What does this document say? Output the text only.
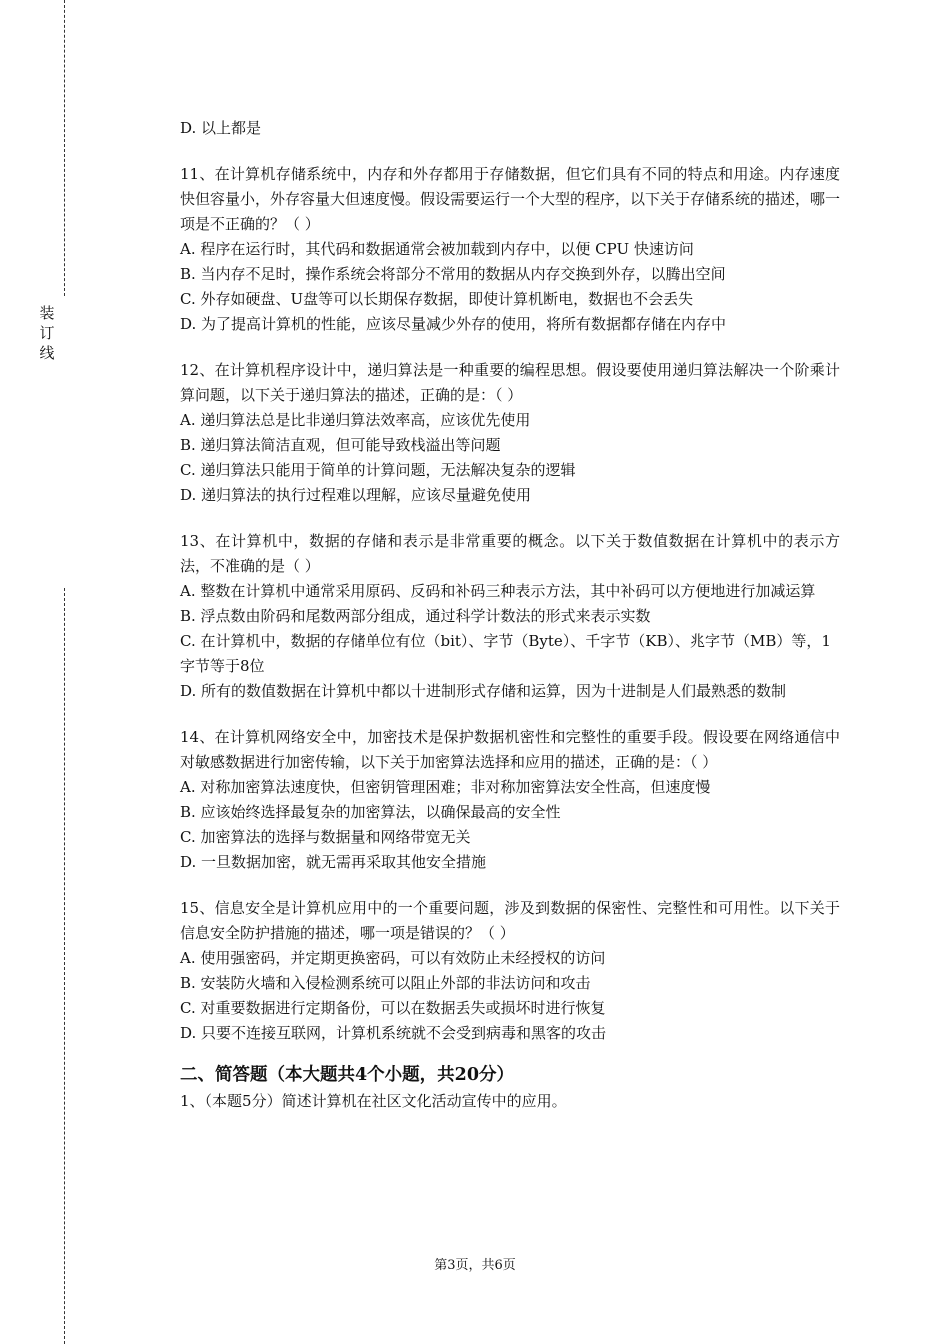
装
订
线
D. 以上都是
11、在计算机存储系统中，内存和外存都用于存储数据，但它们具有不同的特点和用途。内存速度快但容量小，外存容量大但速度慢。假设需要运行一个大型的程序，以下关于存储系统的描述，哪一项是不正确的？（ ）
A. 程序在运行时，其代码和数据通常会被加载到内存中，以便 CPU 快速访问
B. 当内存不足时，操作系统会将部分不常用的数据从内存交换到外存，以腾出空间
C. 外存如硬盘、U盘等可以长期保存数据，即使计算机断电，数据也不会丢失
D. 为了提高计算机的性能，应该尽量减少外存的使用，将所有数据都存储在内存中
12、在计算机程序设计中，递归算法是一种重要的编程思想。假设要使用递归算法解决一个阶乘计算问题，以下关于递归算法的描述，正确的是：（ ）
A. 递归算法总是比非递归算法效率高，应该优先使用
B. 递归算法简洁直观，但可能导致栈溢出等问题
C. 递归算法只能用于简单的计算问题，无法解决复杂的逻辑
D. 递归算法的执行过程难以理解，应该尽量避免使用
13、在计算机中，数据的存储和表示是非常重要的概念。以下关于数值数据在计算机中的表示方法，不准确的是（ ）
A. 整数在计算机中通常采用原码、反码和补码三种表示方法，其中补码可以方便地进行加减运算
B. 浮点数由阶码和尾数两部分组成，通过科学计数法的形式来表示实数
C. 在计算机中，数据的存储单位有位（bit）、字节（Byte）、千字节（KB）、兆字节（MB）等，1字节等于8位
D. 所有的数值数据在计算机中都以十进制形式存储和运算，因为十进制是人们最熟悉的数制
14、在计算机网络安全中，加密技术是保护数据机密性和完整性的重要手段。假设要在网络通信中对敏感数据进行加密传输，以下关于加密算法选择和应用的描述，正确的是：（ ）
A. 对称加密算法速度快，但密钥管理困难；非对称加密算法安全性高，但速度慢
B. 应该始终选择最复杂的加密算法，以确保最高的安全性
C. 加密算法的选择与数据量和网络带宽无关
D. 一旦数据加密，就无需再采取其他安全措施
15、信息安全是计算机应用中的一个重要问题，涉及到数据的保密性、完整性和可用性。以下关于信息安全防护措施的描述，哪一项是错误的？（ ）
A. 使用强密码，并定期更换密码，可以有效防止未经授权的访问
B. 安装防火墙和入侵检测系统可以阻止外部的非法访问和攻击
C. 对重要数据进行定期备份，可以在数据丢失或损坏时进行恢复
D. 只要不连接互联网，计算机系统就不会受到病毒和黑客的攻击
二、简答题（本大题共4个小题，共20分）
1、（本题5分）简述计算机在社区文化活动宣传中的应用。
第3页，共6页
